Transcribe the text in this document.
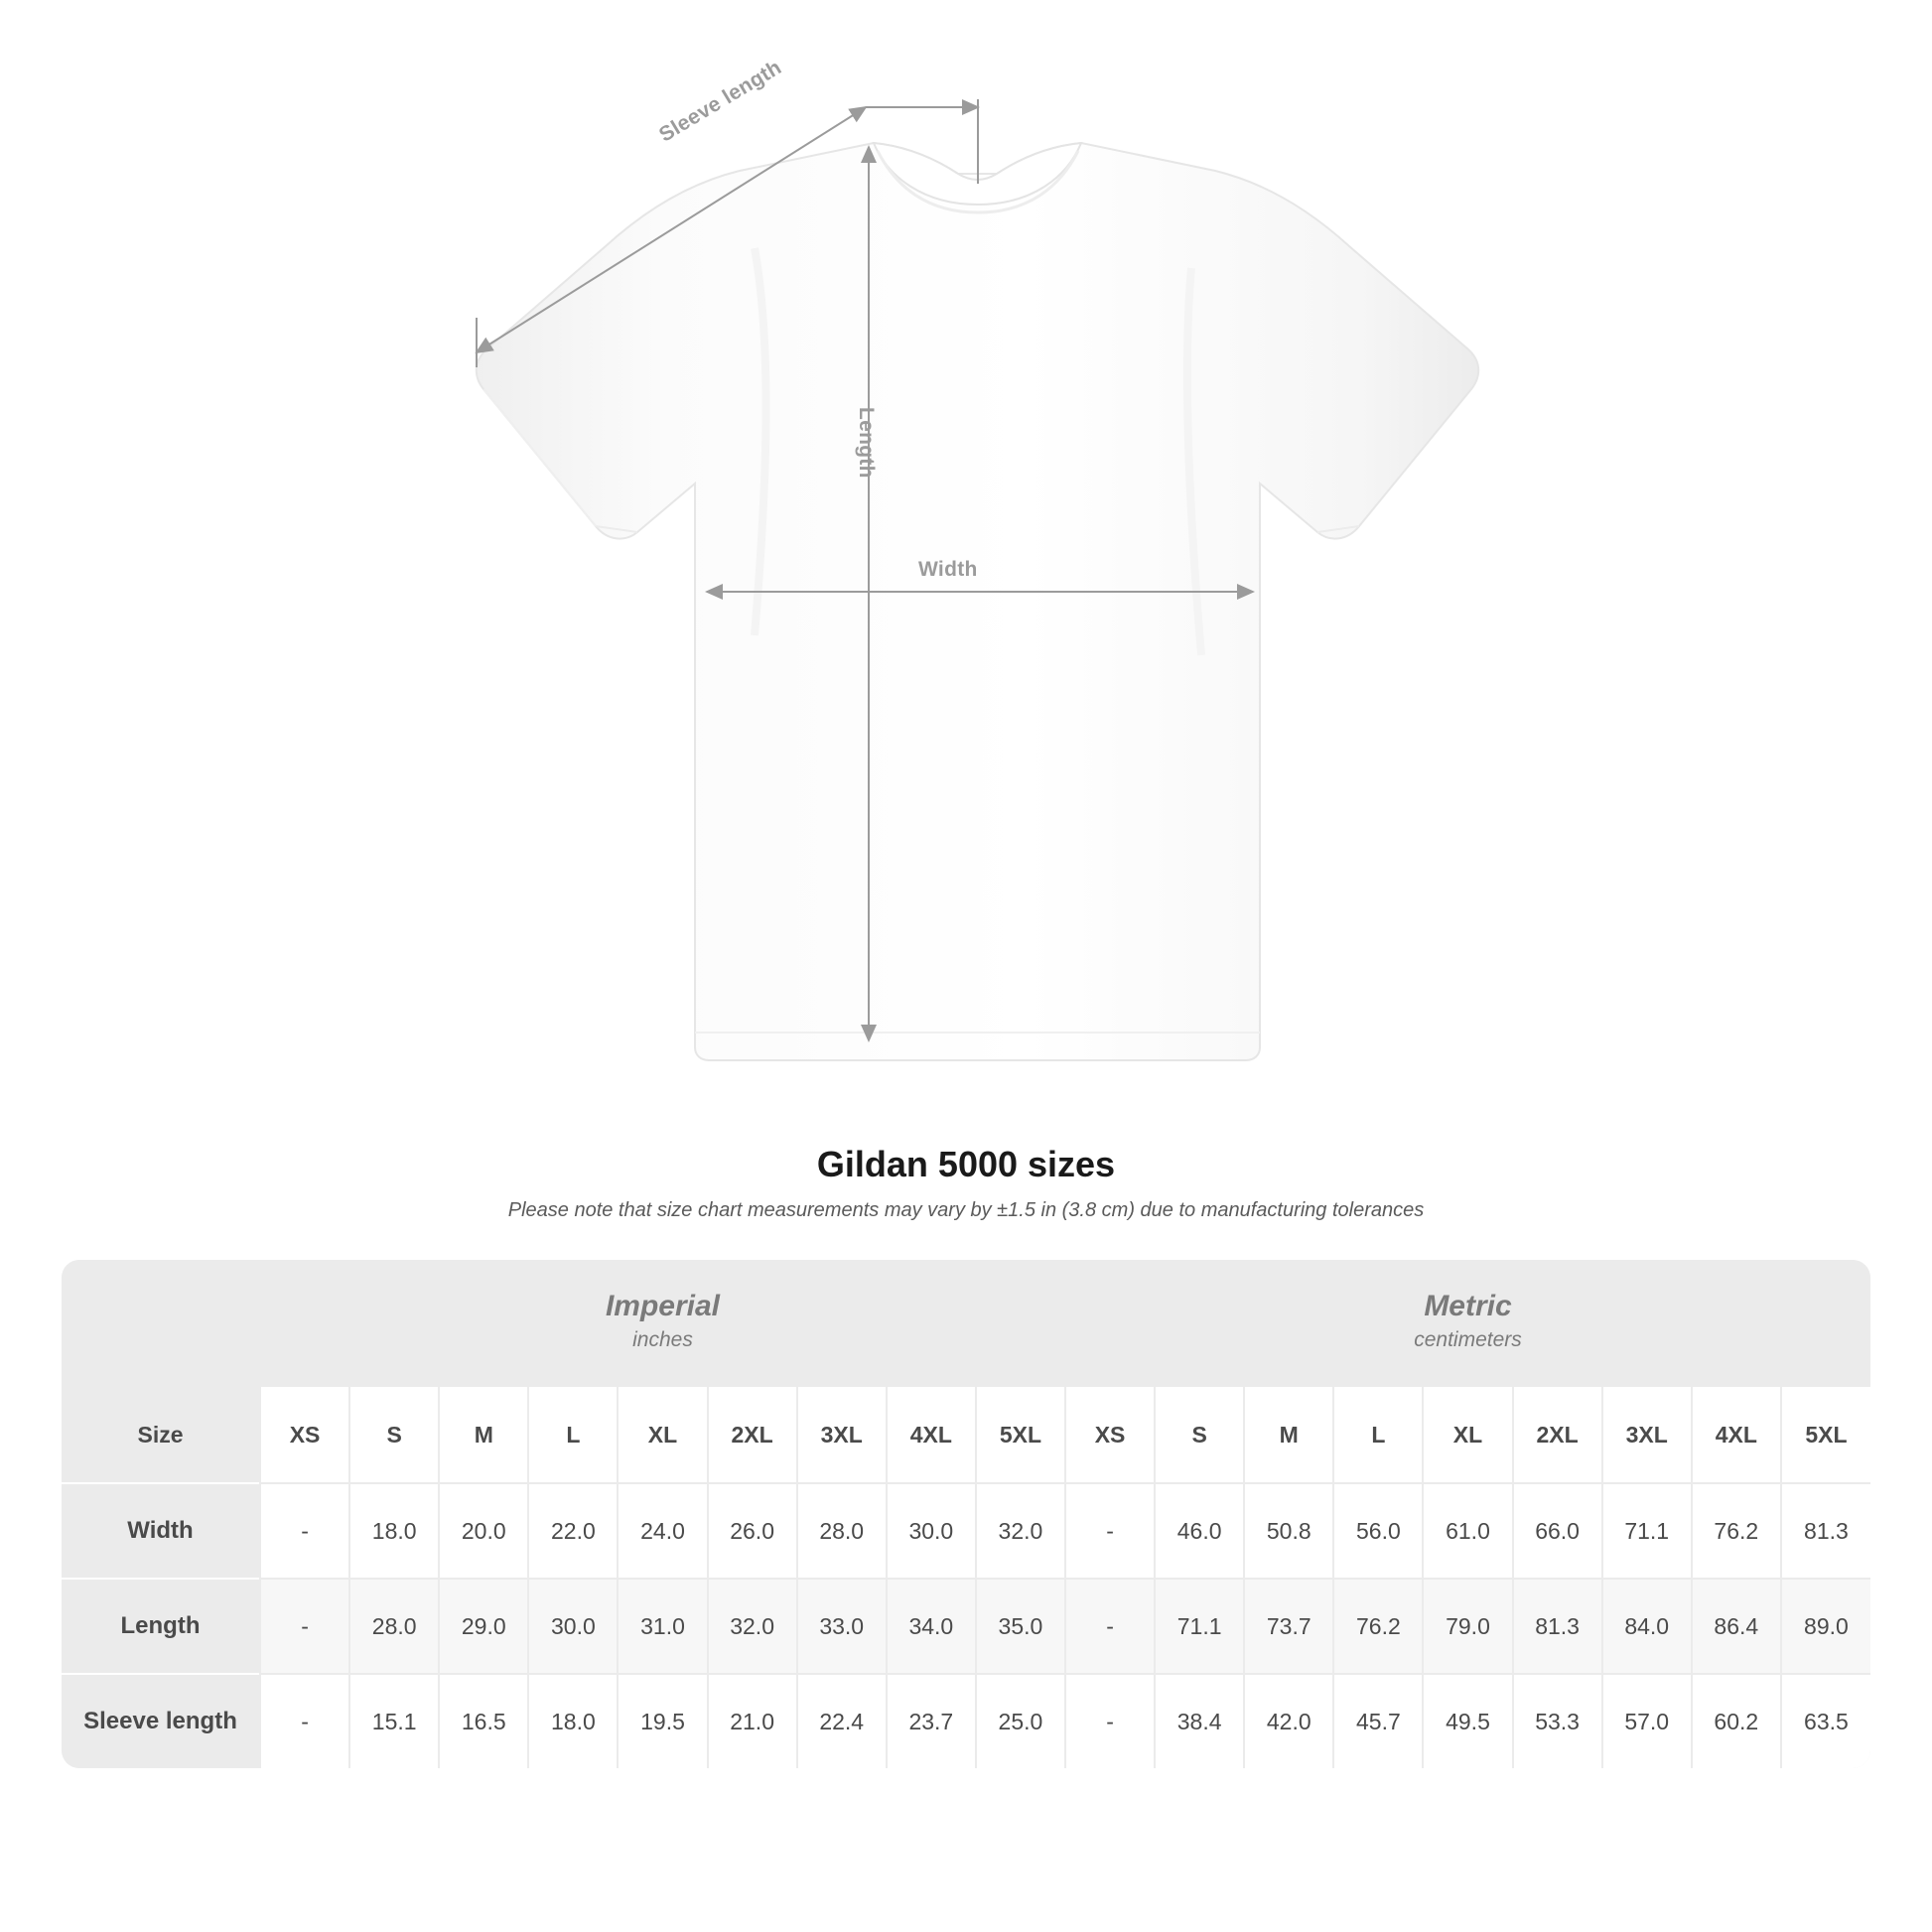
Sleeve length
Length
Width
Gildan 5000 sizes

Please note that size chart measurements may vary by ±1.5 in (3.8 cm) due to manufacturing tolerances

Imperial
inches

Metric
centimeters

Size	XS	S	M	L	XL	2XL	3XL	4XL	5XL	XS	S	M	L	XL	2XL	3XL	4XL	5XL
Width	-	18.0	20.0	22.0	24.0	26.0	28.0	30.0	32.0	-	46.0	50.8	56.0	61.0	66.0	71.1	76.2	81.3
Length	-	28.0	29.0	30.0	31.0	32.0	33.0	34.0	35.0	-	71.1	73.7	76.2	79.0	81.3	84.0	86.4	89.0
Sleeve length	-	15.1	16.5	18.0	19.5	21.0	22.4	23.7	25.0	-	38.4	42.0	45.7	49.5	53.3	57.0	60.2	63.5
